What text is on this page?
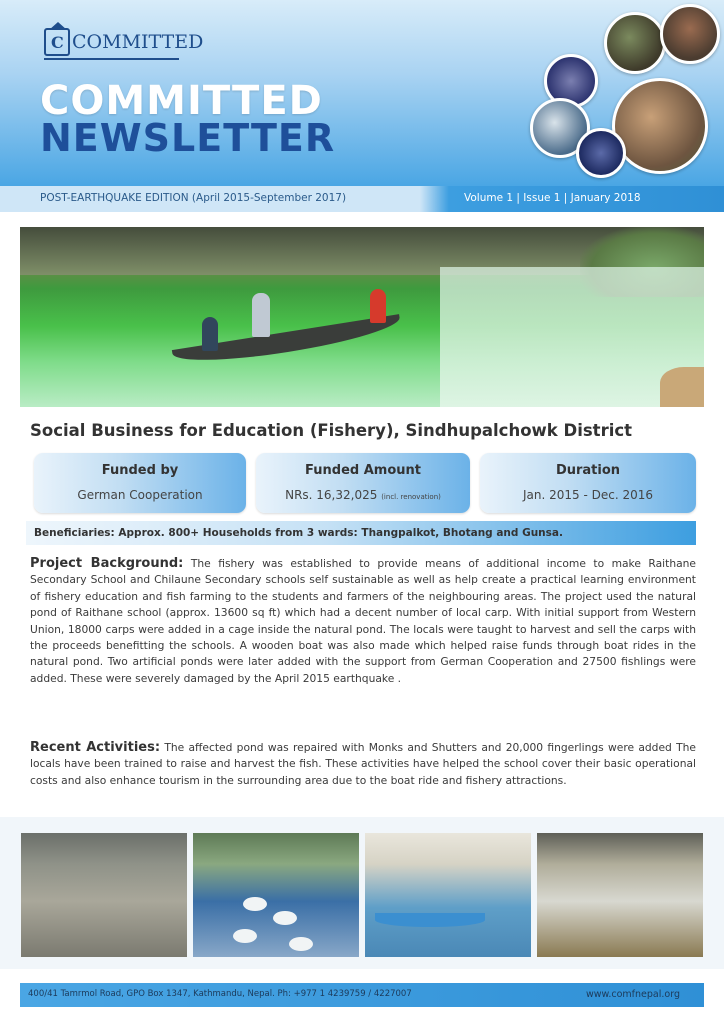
C
COMMITTED
COMMITTED
NEWSLETTER
POST-EARTHQUAKE EDITION (April 2015-September 2017)	Volume 1 | Issue 1 | January 2018
Social Business for Education (Fishery), Sindhupalchowk District
Funded by
German Cooperation
Funded Amount
NRs. 16,32,025 (incl. renovation)
Duration
Jan. 2015 - Dec. 2016
Beneficiaries: Approx. 800+ Households from 3 wards: Thangpalkot, Bhotang and Gunsa.

Project Background: The fishery was established to provide means of additional income to make Raithane Secondary School and Chilaune Secondary schools self sustainable as well as help create a practical learning environment of fishery education and fish farming to the students and farmers of the neighbouring areas. The project used the natural pond of Raithane school (approx. 13600 sq ft) which had a decent number of local carp. With initial support from Western Union, 18000 carps were added in a cage inside the natural pond. The locals were taught to harvest and sell the carps with the proceeds benefitting the schools. A wooden boat was also made which helped raise funds through boat rides in the natural pond. Two artificial ponds were later added with the support from German Cooperation and 27500 fishlings were added. These were severely damaged by the April 2015 earthquake .

Recent Activities: The affected pond was repaired with Monks and Shutters and 20,000 fingerlings were added The locals have been trained to raise and harvest the fish. These activities have helped the school cover their basic operational costs and also enhance tourism in the surrounding area due to the boat ride and fishery attractions.

400/41 Tamrmol Road, GPO Box 1347, Kathmandu, Nepal. Ph: +977 1 4239759 / 4227007	www.comfnepal.org
